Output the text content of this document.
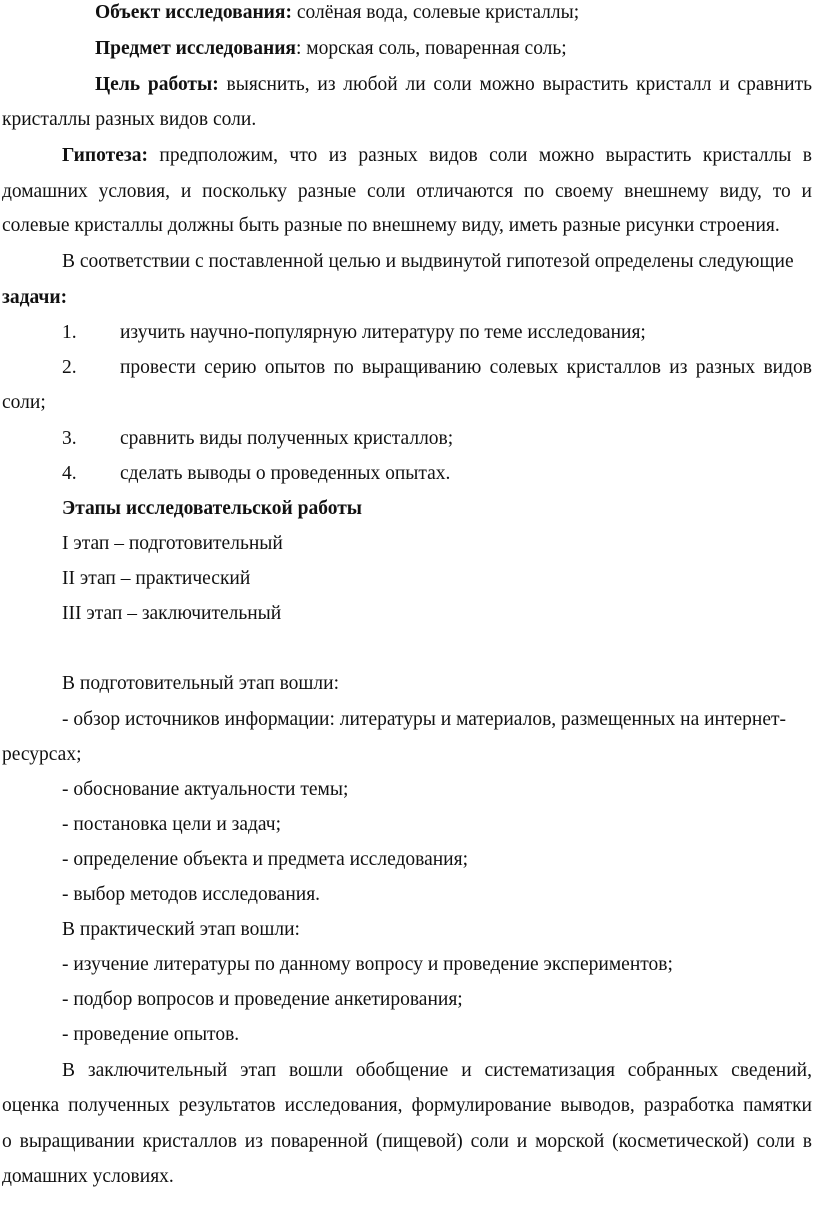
Объект исследования: солёная вода, солевые кристаллы;
Предмет исследования: морская соль, поваренная соль;
Цель работы: выяснить, из любой ли соли можно вырастить кристалл и сравнить
кристаллы разных видов соли.
Гипотеза: предположим, что из разных видов соли можно вырастить кристаллы в
домашних условия, и поскольку разные соли отличаются по своему внешнему виду, то и
солевые кристаллы должны быть разные по внешнему виду, иметь разные рисунки строения.
В соответствии с поставленной целью и выдвинутой гипотезой определены следующие
задачи:
1.	изучить научно-популярную литературу по теме исследования;
2.	провести серию опытов по выращиванию солевых кристаллов из разных видов
соли;
3.	сравнить виды полученных кристаллов;
4.	сделать выводы о проведенных опытах.
Этапы исследовательской работы
I этап – подготовительный
II этап – практический
III этап – заключительный
В подготовительный этап вошли:
- обзор источников информации: литературы и материалов, размещенных на интернет-
ресурсах;
- обоснование актуальности темы;
- постановка цели и задач;
- определение объекта и предмета исследования;
- выбор методов исследования.
В практический этап вошли:
- изучение литературы по данному вопросу и проведение экспериментов;
- подбор вопросов и проведение анкетирования;
- проведение опытов.
В заключительный этап вошли обобщение и систематизация собранных сведений,
оценка полученных результатов исследования, формулирование выводов, разработка памятки
о выращивании кристаллов из поваренной (пищевой) соли и морской (косметической) соли в
домашних условиях.
